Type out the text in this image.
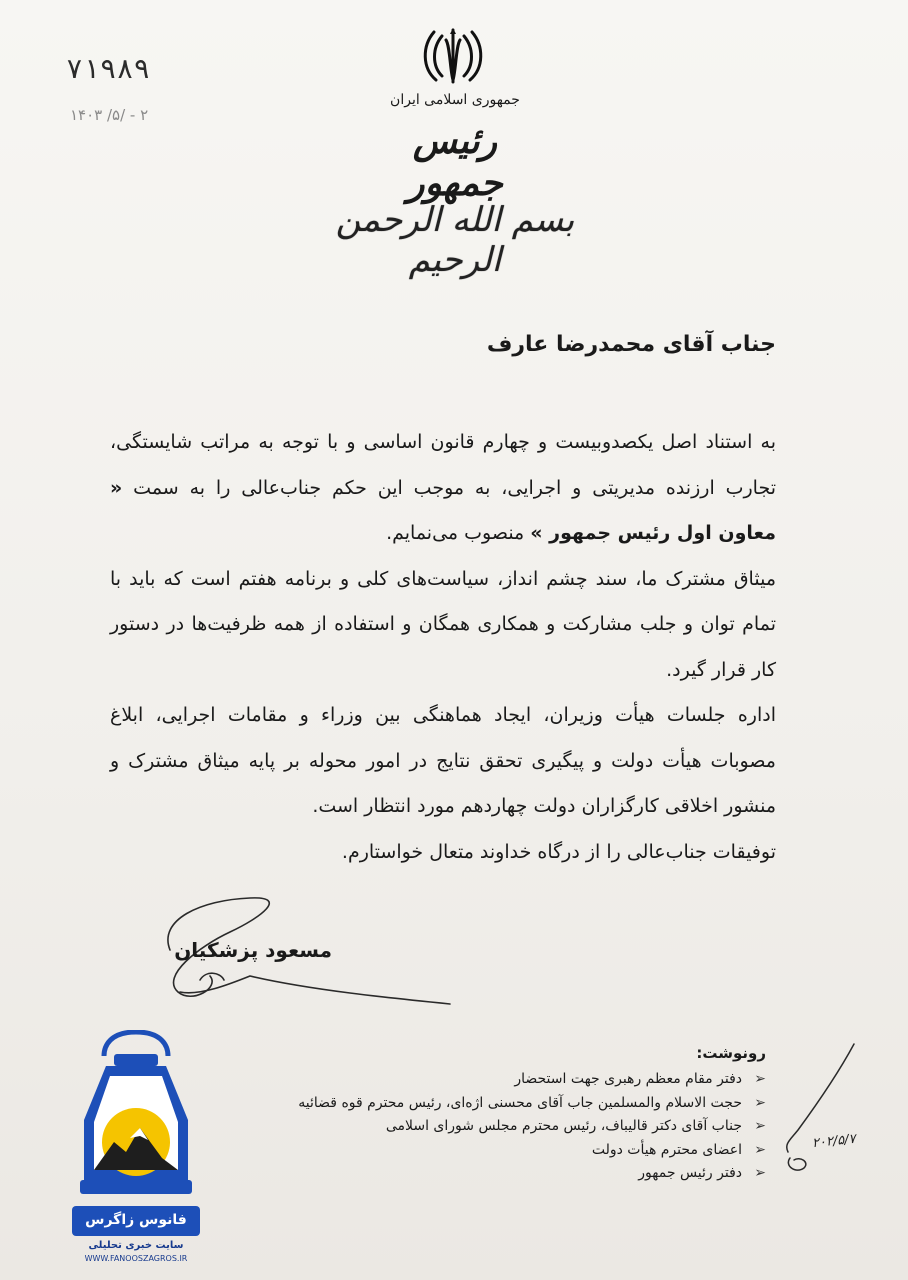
۷۱۹۸۹
۱۴۰۳ /۵/ - ۲
جمهوری اسلامی ایران
رئیس جمهور
بسم الله الرحمن الرحیم
جناب آقای محمدرضا عارف

به استناد اصل یکصدوبیست و چهارم قانون اساسی و با توجه به مراتب شایستگی، تجارب ارزنده مدیریتی و اجرایی، به موجب این حکم جناب‌عالی را به سمت « معاون اول رئیس جمهور » منصوب می‌نمایم.

میثاق مشترک ما، سند چشم انداز، سیاست‌های کلی و برنامه هفتم است که باید با تمام توان و جلب مشارکت و همکاری همگان و استفاده از همه ظرفیت‌ها در دستور کار قرار گیرد.

اداره جلسات هیأت وزیران، ایجاد هماهنگی بین وزراء و مقامات اجرایی، ابلاغ مصوبات هیأت دولت و پیگیری تحقق نتایج در امور محوله بر پایه میثاق مشترک و منشور اخلاقی کارگزاران دولت چهاردهم مورد انتظار است.

توفیقات جناب‌عالی را از درگاه خداوند متعال خواستارم.

مسعود پزشکیان
رونوشت:
➢دفتر مقام معظم رهبری جهت استحضار
➢حجت الاسلام والمسلمین جاب آقای محسنی اژه‌ای، رئیس محترم قوه قضائیه
➢جناب آقای دکتر قالیباف، رئیس محترم مجلس شورای اسلامی
➢اعضای محترم هیأت دولت
➢دفتر رئیس جمهور
۲۰۲/۵/۷
فانوس زاگرس
سایت خبری تحلیلی
WWW.FANOOSZAGROS.IR
